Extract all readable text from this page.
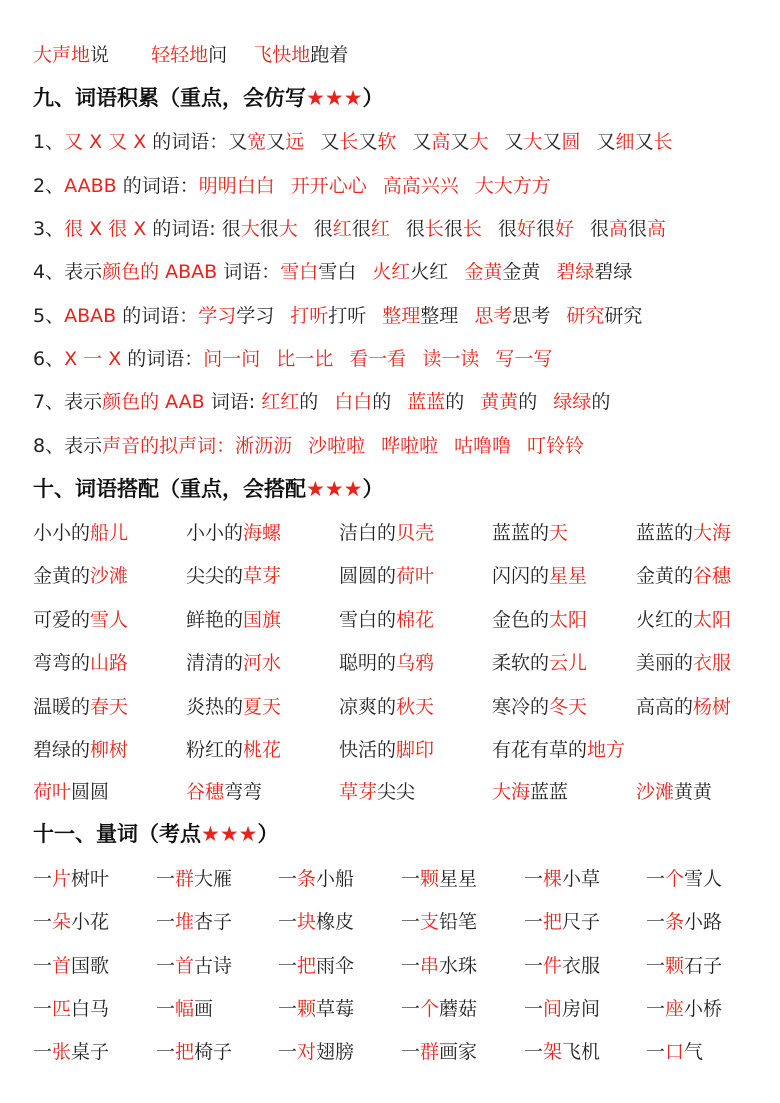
大声地说 轻轻地问 飞快地跑着
九、词语积累（重点，会仿写★★★）
1、又 X 又 X 的词语：又宽又远 又长又软 又高又大 又大又圆 又细又长
2、AABB 的词语：明明白白 开开心心 高高兴兴 大大方方
3、很 X 很 X 的词语: 很大很大 很红很红 很长很长 很好很好 很高很高
4、表示颜色的 ABAB 词语：雪白雪白 火红火红 金黄金黄 碧绿碧绿
5、ABAB 的词语：学习学习 打听打听 整理整理 思考思考 研究研究
6、X 一 X 的词语：问一问 比一比 看一看 读一读 写一写
7、表示颜色的 AAB 词语: 红红的 白白的 蓝蓝的 黄黄的 绿绿的
8、表示声音的拟声词：淅沥沥 沙啦啦 哗啦啦 咕噜噜 叮铃铃
十、词语搭配（重点，会搭配★★★）
小小的船儿	小小的海螺	洁白的贝壳	蓝蓝的天	蓝蓝的大海
金黄的沙滩	尖尖的草芽	圆圆的荷叶	闪闪的星星	金黄的谷穗
可爱的雪人	鲜艳的国旗	雪白的棉花	金色的太阳	火红的太阳
弯弯的山路	清清的河水	聪明的乌鸦	柔软的云儿	美丽的衣服
温暖的春天	炎热的夏天	凉爽的秋天	寒冷的冬天	高高的杨树
碧绿的柳树	粉红的桃花	快活的脚印	有花有草的地方
荷叶圆圆	谷穗弯弯	草芽尖尖	大海蓝蓝	沙滩黄黄
十一、量词（考点★★★）
一片树叶 一群大雁 一条小船 一颗星星 一棵小草 一个雪人
一朵小花 一堆杏子 一块橡皮 一支铅笔 一把尺子 一条小路
一首国歌 一首古诗 一把雨伞 一串水珠 一件衣服 一颗石子
一匹白马 一幅画	一颗草莓 一个蘑菇 一间房间 一座小桥
一张桌子 一把椅子 一对翅膀 一群画家 一架飞机 一口气
